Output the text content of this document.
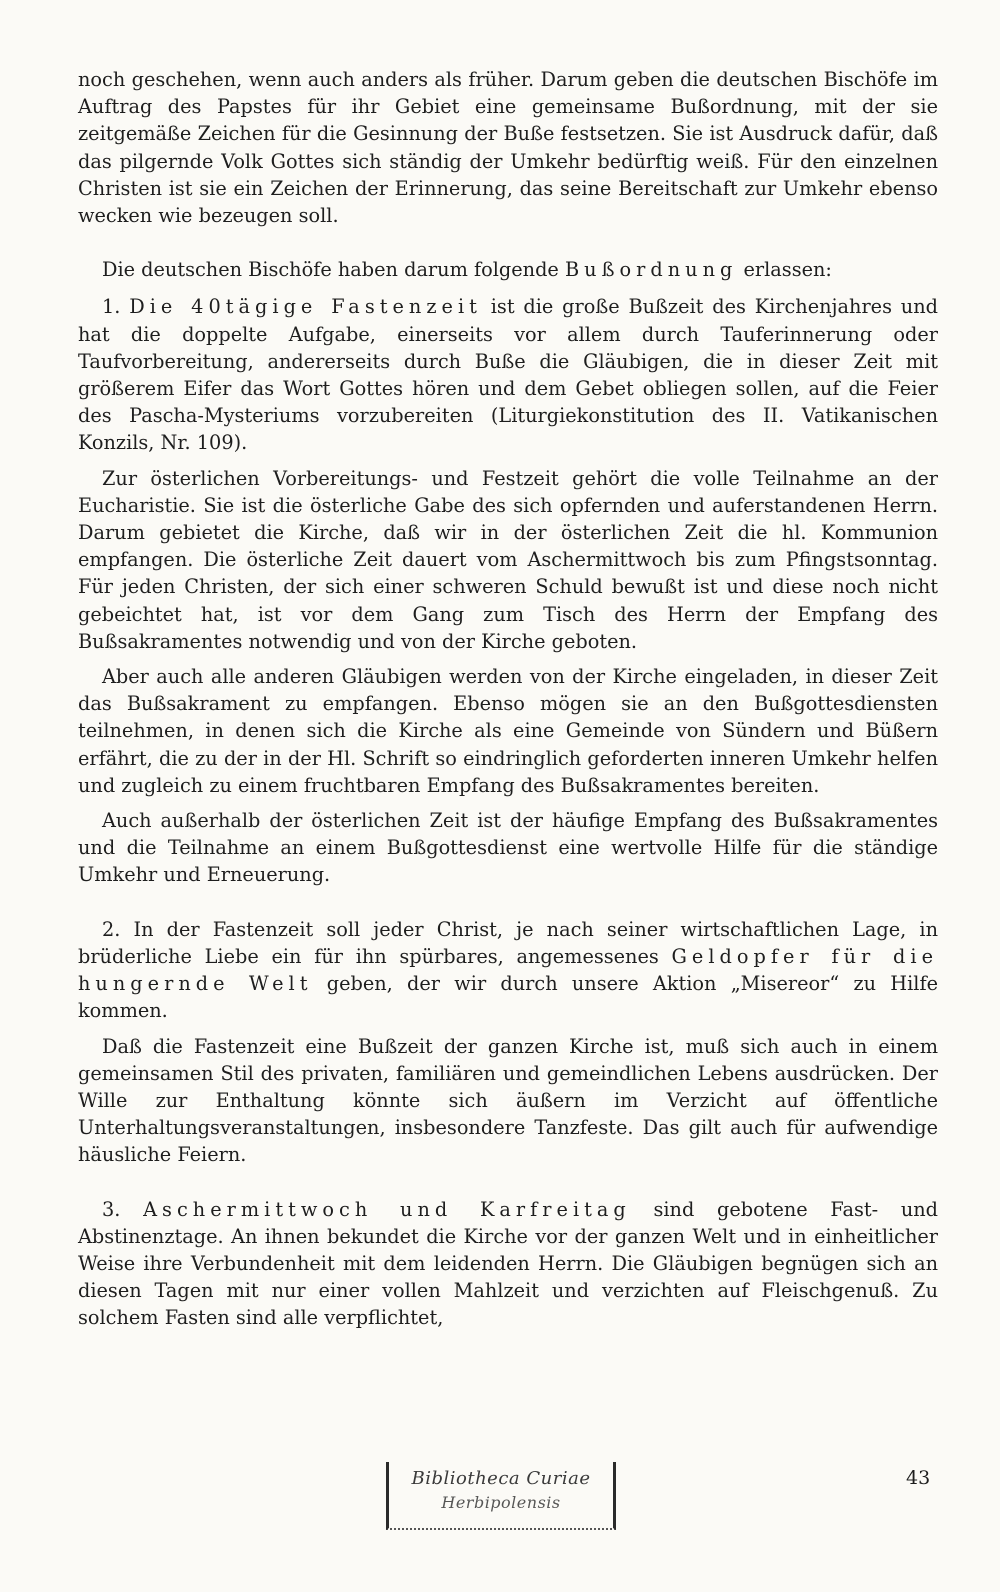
noch geschehen, wenn auch anders als früher. Darum geben die deutschen Bischöfe im Auftrag des Papstes für ihr Gebiet eine gemeinsame Bußordnung, mit der sie zeitgemäße Zeichen für die Gesinnung der Buße festsetzen. Sie ist Ausdruck dafür, daß das pilgernde Volk Gottes sich ständig der Umkehr bedürftig weiß. Für den einzelnen Christen ist sie ein Zeichen der Erinnerung, das seine Bereitschaft zur Umkehr ebenso wecken wie bezeugen soll.

Die deutschen Bischöfe haben darum folgende Bußordnung erlassen:

1. Die 40tägige Fastenzeit ist die große Bußzeit des Kirchenjahres und hat die doppelte Aufgabe, einerseits vor allem durch Tauferinnerung oder Taufvorbereitung, andererseits durch Buße die Gläubigen, die in dieser Zeit mit größerem Eifer das Wort Gottes hören und dem Gebet obliegen sollen, auf die Feier des Pascha-Mysteriums vorzubereiten (Liturgiekonstitution des II. Vatikanischen Konzils, Nr. 109).

Zur österlichen Vorbereitungs- und Festzeit gehört die volle Teilnahme an der Eucharistie. Sie ist die österliche Gabe des sich opfernden und auferstandenen Herrn. Darum gebietet die Kirche, daß wir in der österlichen Zeit die hl. Kommunion empfangen. Die österliche Zeit dauert vom Aschermittwoch bis zum Pfingstsonntag. Für jeden Christen, der sich einer schweren Schuld bewußt ist und diese noch nicht gebeichtet hat, ist vor dem Gang zum Tisch des Herrn der Empfang des Bußsakramentes notwendig und von der Kirche geboten.

Aber auch alle anderen Gläubigen werden von der Kirche eingeladen, in dieser Zeit das Bußsakrament zu empfangen. Ebenso mögen sie an den Bußgottesdiensten teilnehmen, in denen sich die Kirche als eine Gemeinde von Sündern und Büßern erfährt, die zu der in der Hl. Schrift so eindringlich geforderten inneren Umkehr helfen und zugleich zu einem fruchtbaren Empfang des Bußsakramentes bereiten.

Auch außerhalb der österlichen Zeit ist der häufige Empfang des Bußsakramentes und die Teilnahme an einem Bußgottesdienst eine wertvolle Hilfe für die ständige Umkehr und Erneuerung.

2. In der Fastenzeit soll jeder Christ, je nach seiner wirtschaftlichen Lage, in brüderliche Liebe ein für ihn spürbares, angemessenes Geldopfer für die hungernde Welt geben, der wir durch unsere Aktion „Misereor“ zu Hilfe kommen.

Daß die Fastenzeit eine Bußzeit der ganzen Kirche ist, muß sich auch in einem gemeinsamen Stil des privaten, familiären und gemeindlichen Lebens ausdrücken. Der Wille zur Enthaltung könnte sich äußern im Verzicht auf öffentliche Unterhaltungsveranstaltungen, insbesondere Tanzfeste. Das gilt auch für aufwendige häusliche Feiern.

3. Aschermittwoch und Karfreitag sind gebotene Fast- und Abstinenztage. An ihnen bekundet die Kirche vor der ganzen Welt und in einheitlicher Weise ihre Verbundenheit mit dem leidenden Herrn. Die Gläubigen begnügen sich an diesen Tagen mit nur einer vollen Mahlzeit und verzichten auf Fleischgenuß. Zu solchem Fasten sind alle verpflichtet,

Bibliotheca Curiae
Herbipolensis
43
